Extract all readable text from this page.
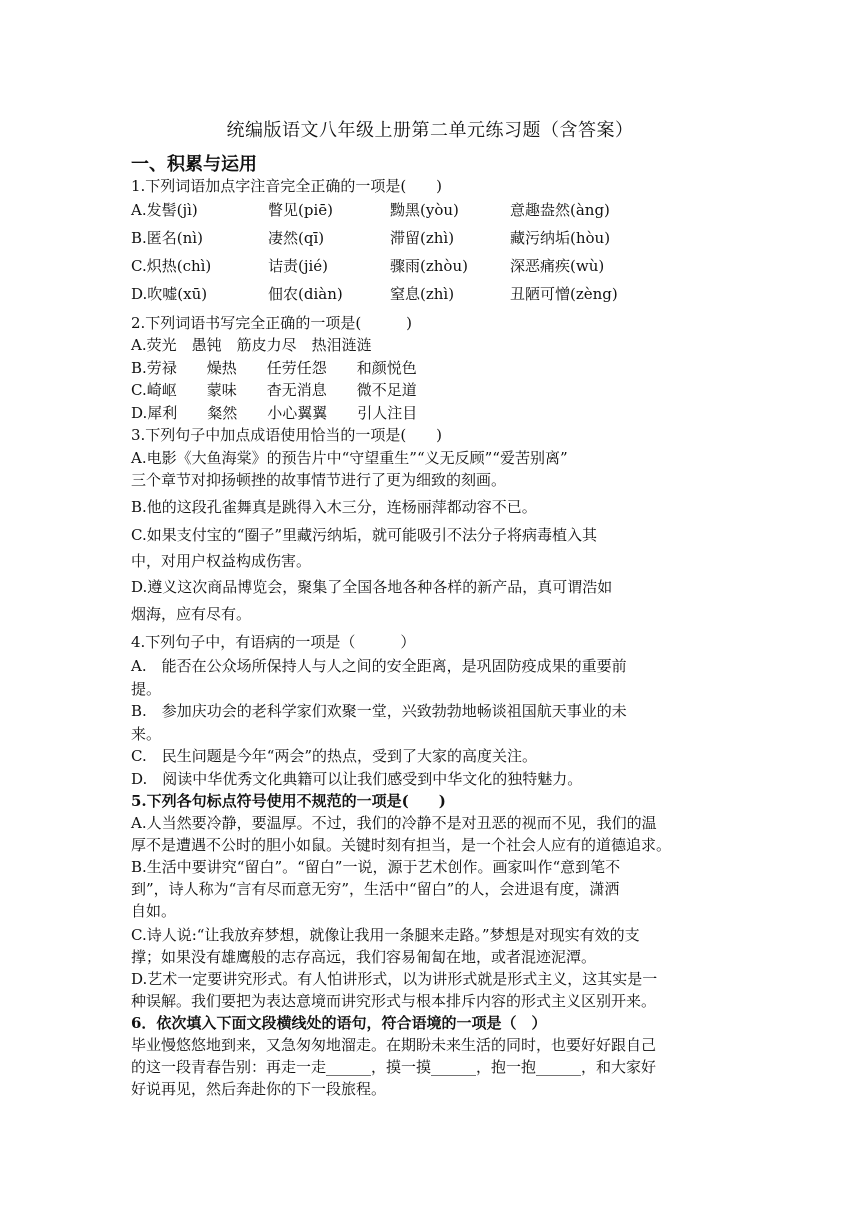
统编版语文八年级上册第二单元练习题（含答案）
一、积累与运用
1.下列词语加点字注音完全正确的一项是(　　)
A.发髻(jì)	瞥见(piē)	黝黑(yòu)	意趣盎然(àng)
B.匿名(nì)	凄然(qī)	滞留(zhì)	藏污纳垢(hòu)
C.炽热(chì)	诘责(jié)	骤雨(zhòu)	深恶痛疾(wù)
D.吹嘘(xū)	佃农(diàn)	窒息(zhì)	丑陋可憎(zèng)
2.下列词语书写完全正确的一项是(　　　)
A.荧光　愚钝　筋皮力尽　热泪涟涟
B.劳禄　　燥热　　任劳任怨　　和颜悦色
C.崎岖　　蒙味　　杳无消息　　微不足道
D.犀利　　粲然　　小心翼翼　　引人注目
3.下列句子中加点成语使用恰当的一项是(　　)
A.电影《大鱼海棠》的预告片中“守望重生”“义无反顾”“爱苦别离”
三个章节对抑扬顿挫的故事情节进行了更为细致的刻画。
B.他的这段孔雀舞真是跳得入木三分，连杨丽萍都动容不已。
C.如果支付宝的“圈子”里藏污纳垢，就可能吸引不法分子将病毒植入其
中，对用户权益构成伤害。
D.遵义这次商品博览会，聚集了全国各地各种各样的新产品，真可谓浩如
烟海，应有尽有。
4.下列句子中，有语病的一项是（　　　）
A.　能否在公众场所保持人与人之间的安全距离，是巩固防疫成果的重要前
提。
B.　参加庆功会的老科学家们欢聚一堂，兴致勃勃地畅谈祖国航天事业的未
来。
C.　民生问题是今年“两会”的热点，受到了大家的高度关注。
D.　阅读中华优秀文化典籍可以让我们感受到中华文化的独特魅力。
5.下列各句标点符号使用不规范的一项是(　　)
A.人当然要冷静，要温厚。不过，我们的冷静不是对丑恶的视而不见，我们的温
厚不是遭遇不公时的胆小如鼠。关键时刻有担当，是一个社会人应有的道德追求。
B.生活中要讲究“留白”。“留白”一说，源于艺术创作。画家叫作“意到笔不
到”，诗人称为“言有尽而意无穷”，生活中“留白”的人，会进退有度，潇洒
自如。
C.诗人说:“让我放弃梦想，就像让我用一条腿来走路。”梦想是对现实有效的支
撑；如果没有雄鹰般的志存高远，我们容易匍匐在地，或者混迹泥潭。
D.艺术一定要讲究形式。有人怕讲形式，以为讲形式就是形式主义，这其实是一
种误解。我们要把为表达意境而讲究形式与根本排斥内容的形式主义区别开来。
6．依次填入下面文段横线处的语句，符合语境的一项是（　）
毕业慢悠悠地到来，又急匆匆地溜走。在期盼未来生活的同时，也要好好跟自己
的这一段青春告别：再走一走______，摸一摸______，抱一抱______，和大家好
好说再见，然后奔赴你的下一段旅程。
